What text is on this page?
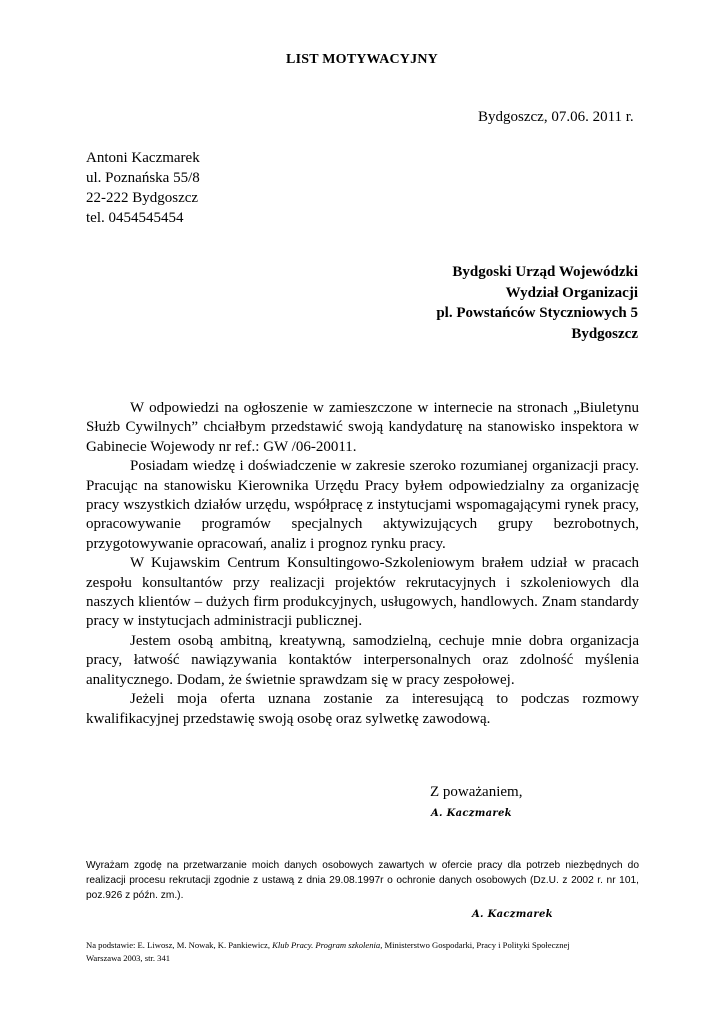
LIST MOTYWACYJNY
Bydgoszcz, 07.06. 2011 r.
Antoni Kaczmarek
ul. Poznańska 55/8
22-222 Bydgoszcz
tel. 0454545454
Bydgoski Urząd Wojewódzki
Wydział Organizacji
pl. Powstańców Styczniowych 5
Bydgoszcz

W odpowiedzi na ogłoszenie w zamieszczone w internecie na stronach „Biuletynu Służb Cywilnych” chciałbym przedstawić swoją kandydaturę na stanowisko inspektora w Gabinecie Wojewody nr ref.: GW /06-20011.

Posiadam wiedzę i doświadczenie w zakresie szeroko rozumianej organizacji pracy. Pracując na stanowisku Kierownika Urzędu Pracy byłem odpowiedzialny za organizację pracy wszystkich działów urzędu, współpracę z instytucjami wspomagającymi rynek pracy, opracowywanie programów specjalnych aktywizujących grupy bezrobotnych, przygotowywanie opracowań, analiz i prognoz rynku pracy.

W Kujawskim Centrum Konsultingowo-Szkoleniowym brałem udział w pracach zespołu konsultantów przy realizacji projektów rekrutacyjnych i szkoleniowych dla naszych klientów – dużych firm produkcyjnych, usługowych, handlowych. Znam standardy pracy w instytucjach administracji publicznej.

Jestem osobą ambitną, kreatywną, samodzielną, cechuje mnie dobra organizacja pracy, łatwość nawiązywania kontaktów interpersonalnych oraz zdolność myślenia analitycznego. Dodam, że świetnie sprawdzam się w pracy zespołowej.

Jeżeli moja oferta uznana zostanie za interesującą to podczas rozmowy kwalifikacyjnej przedstawię swoją osobę oraz sylwetkę zawodową.

Z poważaniem,
A. Kaczmarek
Wyrażam zgodę na przetwarzanie moich danych osobowych zawartych w ofercie pracy dla potrzeb niezbędnych do realizacji procesu rekrutacji zgodnie z ustawą z dnia 29.08.1997r o ochronie danych osobowych (Dz.U. z 2002 r. nr 101, poz.926 z późn. zm.).
A. Kaczmarek
Na podstawie: E. Liwosz, M. Nowak, K. Pankiewicz, Klub Pracy. Program szkolenia, Ministerstwo Gospodarki, Pracy i Polityki Społecznej
Warszawa 2003, str. 341
